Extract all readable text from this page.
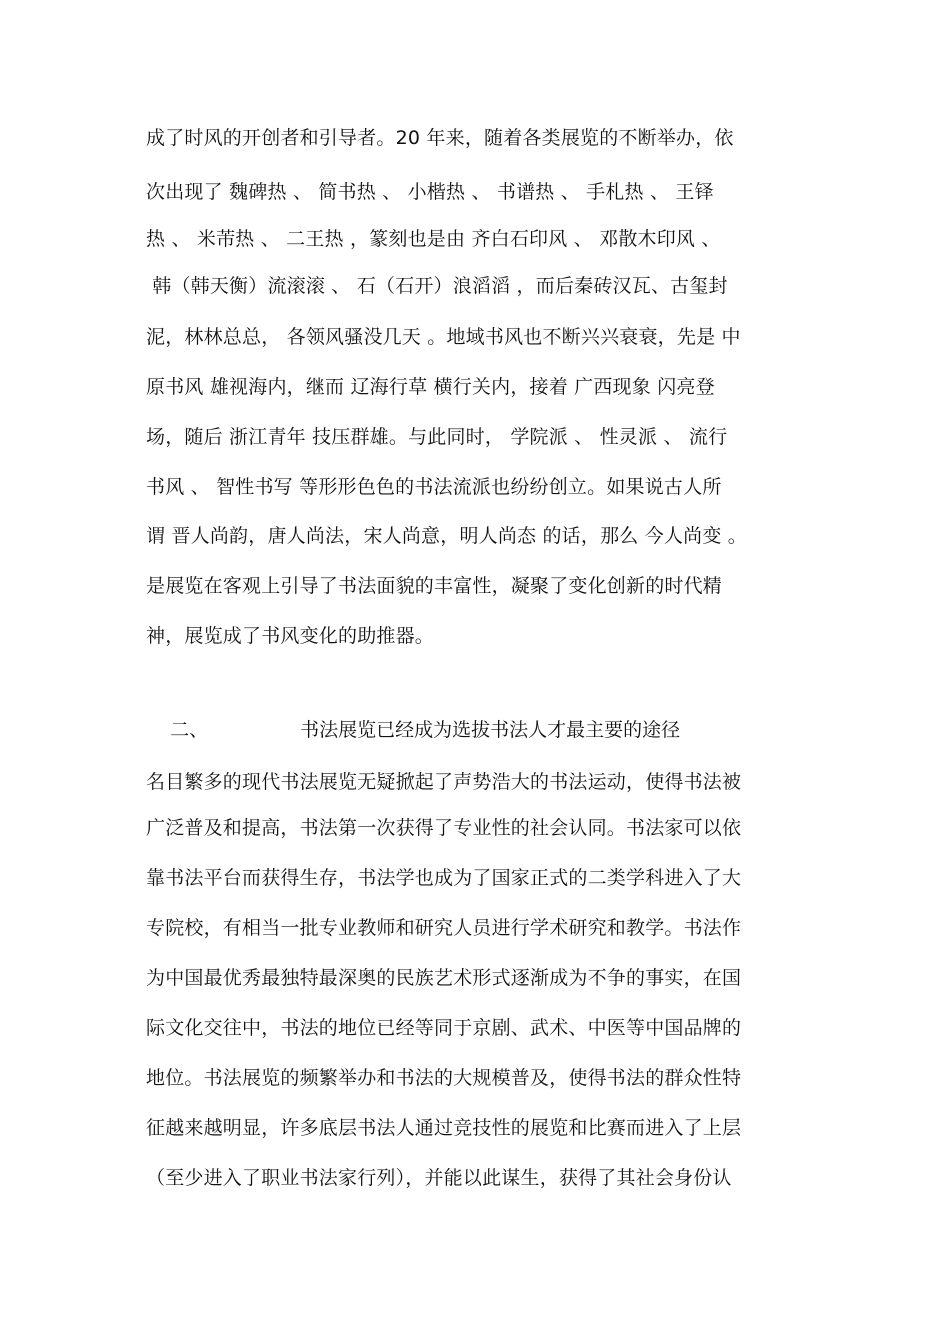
成了时风的开创者和引导者。20 年来，随着各类展览的不断举办，依
次出现了 魏碑热 、 简书热 、 小楷热 、 书谱热 、 手札热 、 王铎
热 、 米芾热 、 二王热 ，篆刻也是由 齐白石印风 、 邓散木印风 、
韩（韩天衡）流滚滚 、 石（石开）浪滔滔 ，而后秦砖汉瓦、古玺封
泥，林林总总， 各领风骚没几天 。地域书风也不断兴兴衰衰，先是 中
原书风 雄视海内，继而 辽海行草 横行关内，接着 广西现象 闪亮登
场，随后 浙江青年 技压群雄。与此同时， 学院派 、 性灵派 、 流行
书风 、 智性书写 等形形色色的书法流派也纷纷创立。如果说古人所
谓 晋人尚韵，唐人尚法，宋人尚意，明人尚态 的话，那么 今人尚变 。
是展览在客观上引导了书法面貌的丰富性，凝聚了变化创新的时代精
神，展览成了书风变化的助推器。

二、	书法展览已经成为选拔书法人才最主要的途径

名目繁多的现代书法展览无疑掀起了声势浩大的书法运动，使得书法被
广泛普及和提高，书法第一次获得了专业性的社会认同。书法家可以依
靠书法平台而获得生存，书法学也成为了国家正式的二类学科进入了大
专院校，有相当一批专业教师和研究人员进行学术研究和教学。书法作
为中国最优秀最独特最深奥的民族艺术形式逐渐成为不争的事实，在国
际文化交往中，书法的地位已经等同于京剧、武术、中医等中国品牌的
地位。书法展览的频繁举办和书法的大规模普及，使得书法的群众性特
征越来越明显，许多底层书法人通过竞技性的展览和比赛而进入了上层
（至少进入了职业书法家行列），并能以此谋生，获得了其社会身份认
